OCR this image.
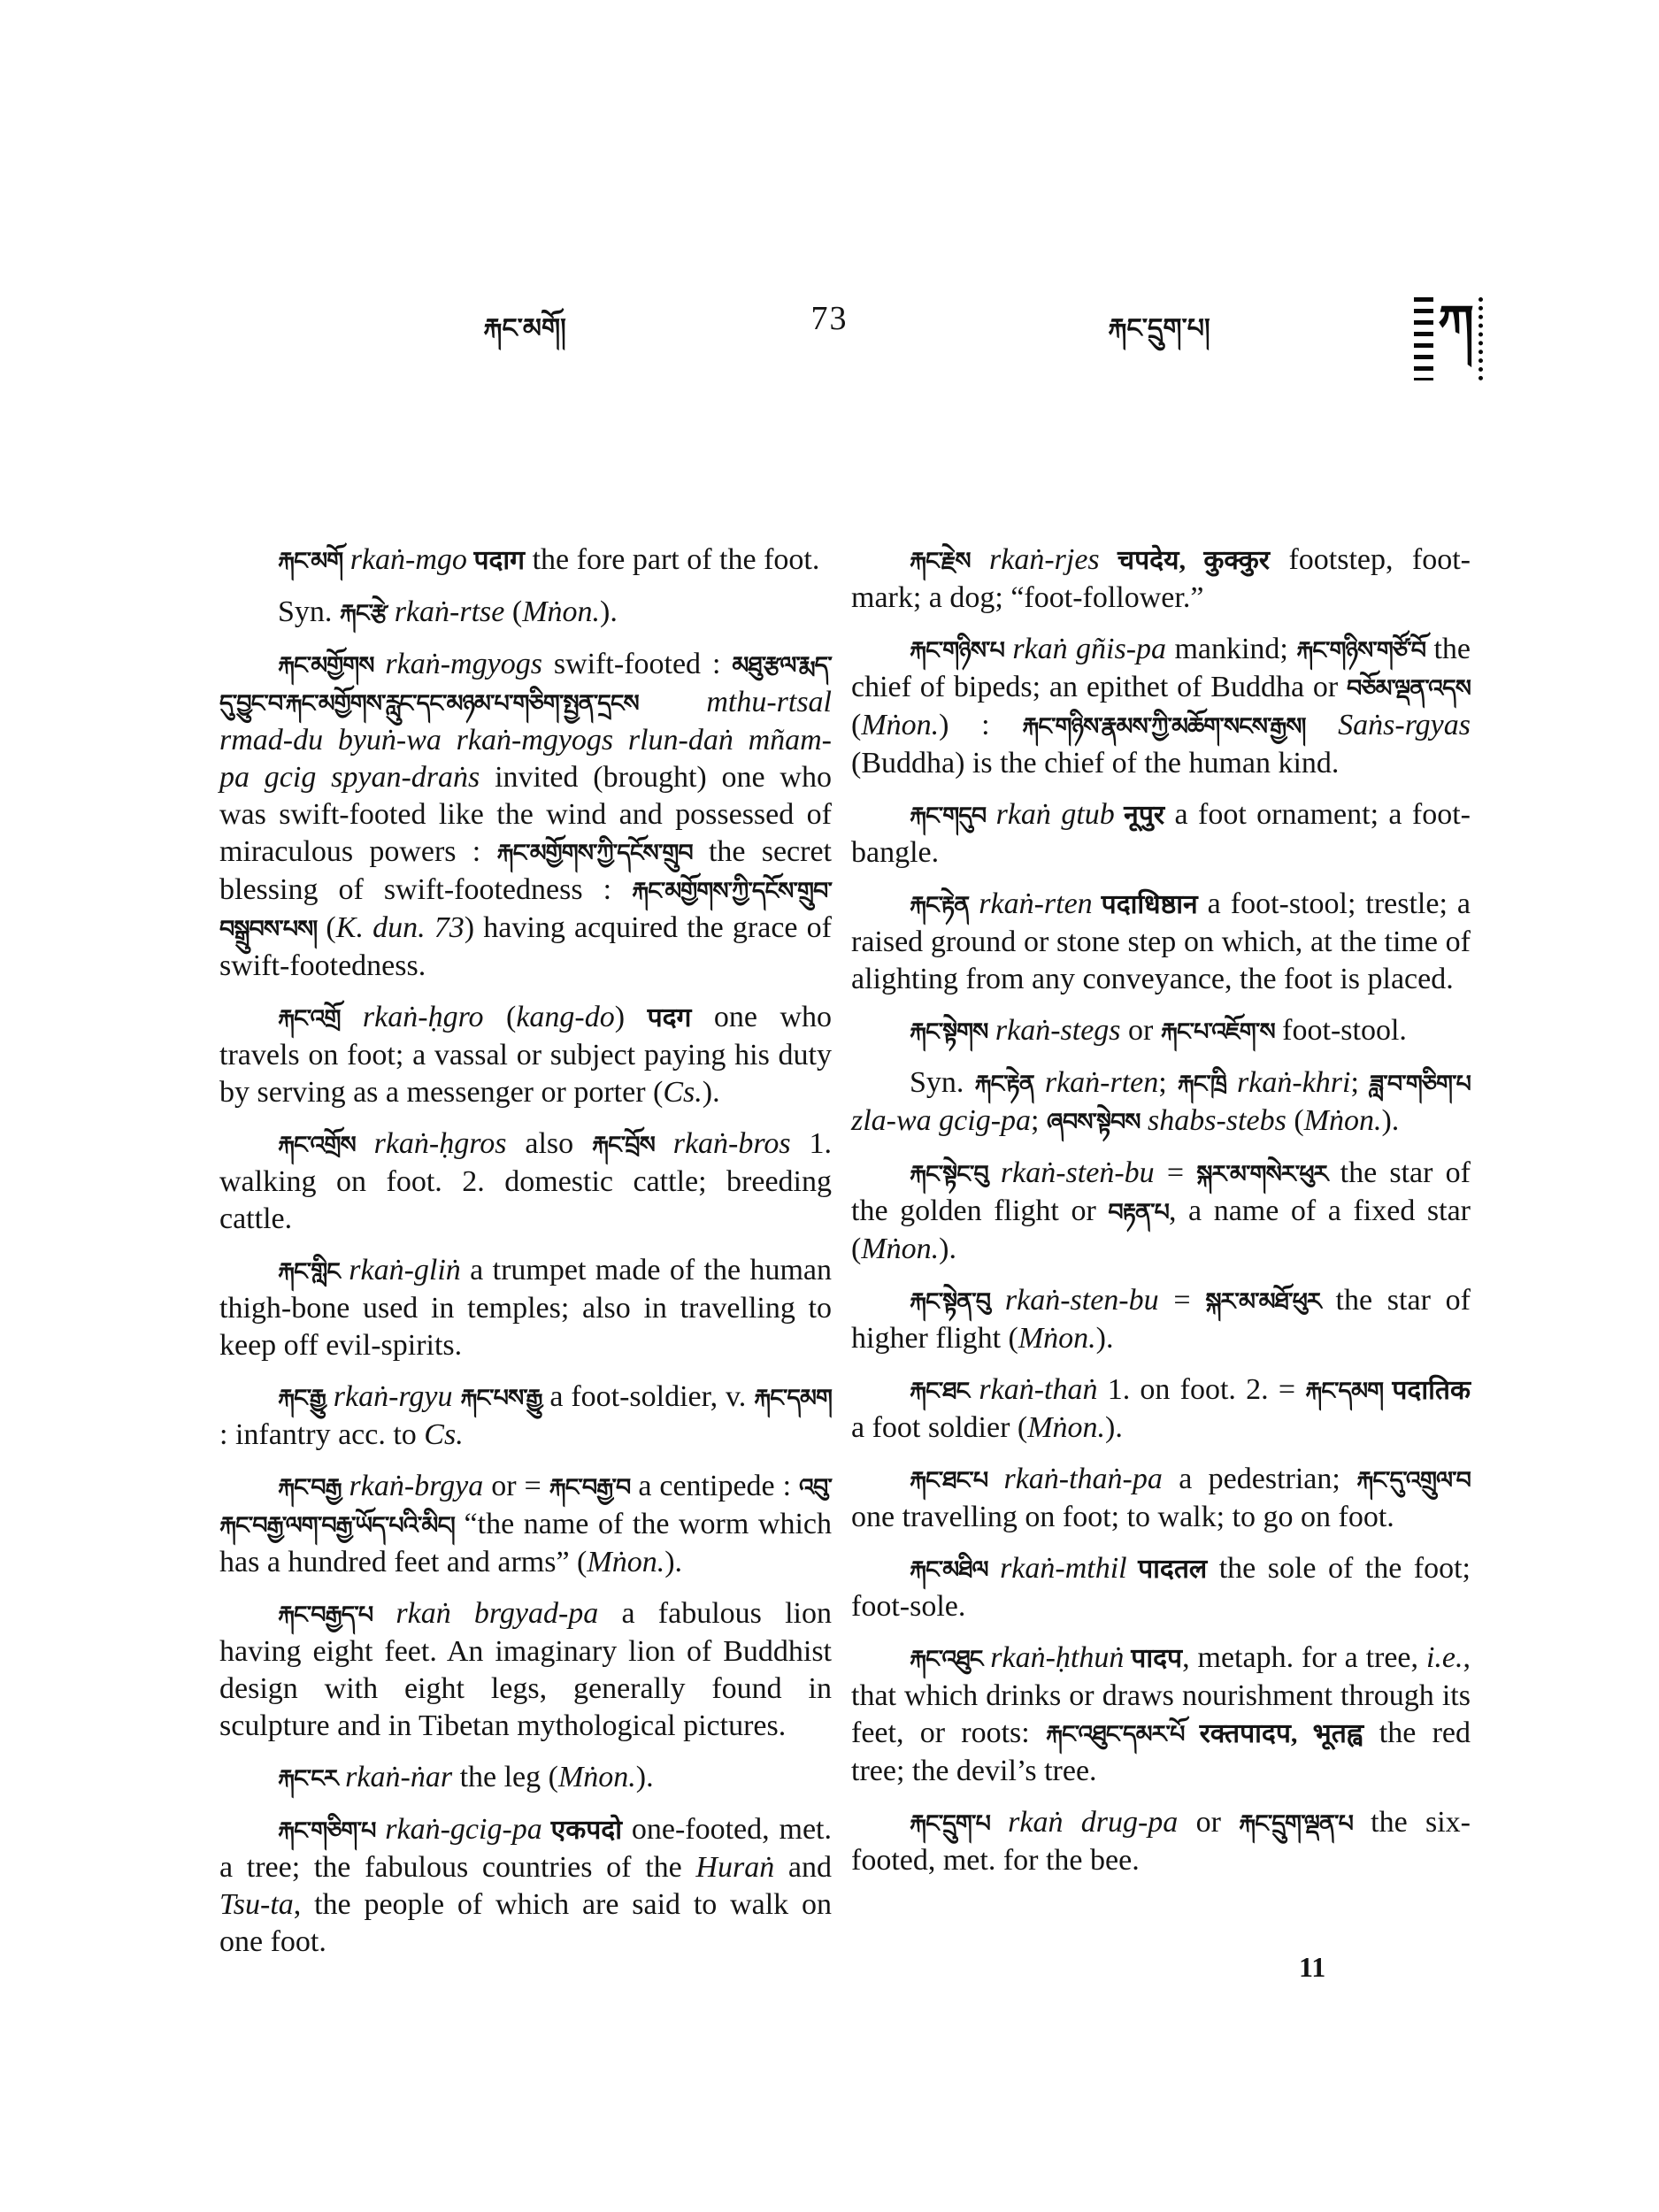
རྐང་མགོ།	73	རྐང་དྲུག་པ།	ཀ

རྐང་མགོ rkaṅ-mgo पदाग the fore part of the foot.

Syn. རྐང་རྩེ rkaṅ-rtse (Mṅon.).

རྐང་མགྱོགས rkaṅ-mgyogs swift-footed : མཐུ་རྩལ་རྨད་དུ་བྱུང་བ་རྐང་མགྱོགས་རླུང་དང་མཉམ་པ་གཅིག་སྤྱན་དྲངས mthu-rtsal rmad-du byuṅ-wa rkaṅ-mgyogs rlun-daṅ mñam-pa gcig spyan-draṅs invited (brought) one who was swift-footed like the wind and possessed of miraculous powers : རྐང་མགྱོགས་ཀྱི་དངོས་གྲུབ the secret blessing of swift-footedness : རྐང་མགྱོགས་ཀྱི་དངོས་གྲུབ་བསྒྲུབས་པས། (K. dun. 73) having acquired the grace of swift-footedness.

རྐང་འགྲོ rkaṅ-ḥgro (kang-do) पदग one who travels on foot; a vassal or subject paying his duty by serving as a messenger or porter (Cs.).

རྐང་འགྲོས rkaṅ-ḥgros also རྐང་བྲོས rkaṅ-bros 1. walking on foot. 2. domestic cattle; breeding cattle.

རྐང་གླིང rkaṅ-gliṅ a trumpet made of the human thigh-bone used in temples; also in travelling to keep off evil-spirits.

རྐང་རྒྱུ rkaṅ-rgyu རྐང་པས་རྒྱུ a foot-soldier, v. རྐང་དམག : infantry acc. to Cs.

རྐང་བརྒྱ rkaṅ-brgya or = རྐང་བརྒྱ་བ a centipede : འབུ་རྐང་བརྒྱ་ལག་བརྒྱ་ཡོད་པའི་མིང། “the name of the worm which has a hundred feet and arms” (Mṅon.).

རྐང་བརྒྱད་པ rkaṅ brgyad-pa a fabulous lion having eight feet. An imaginary lion of Buddhist design with eight legs, generally found in sculpture and in Tibetan mythological pictures.

རྐང་ངར rkaṅ-ṅar the leg (Mṅon.).

རྐང་གཅིག་པ rkaṅ-gcig-pa एकपदो one-footed, met. a tree; the fabulous countries of the Huraṅ and Tsu-ta, the people of which are said to walk on one foot.

རྐང་རྗེས rkaṅ-rjes चपदेय, कुक्कुर footstep, foot-mark; a dog; “foot-follower.”

རྐང་གཉིས་པ rkaṅ gñis-pa mankind; རྐང་གཉིས་གཙོ་བོ the chief of bipeds; an epithet of Buddha or བཅོམ་ལྡན་འདས (Mṅon.) : རྐང་གཉིས་རྣམས་ཀྱི་མཆོག་སངས་རྒྱས། Saṅs-rgyas (Buddha) is the chief of the human kind.

རྐང་གདུབ rkaṅ gtub नूपुर a foot ornament; a foot-bangle.

རྐང་རྟེན rkaṅ-rten पदाधिष्ठान a foot-stool; trestle; a raised ground or stone step on which, at the time of alighting from any conveyance, the foot is placed.

རྐང་སྟེགས rkaṅ-stegs or རྐང་པ་འཇོག་ས foot-stool.

Syn. རྐང་རྟེན rkaṅ-rten; རྐང་ཁྲི rkaṅ-khri; ཟླ་བ་གཅིག་པ zla-wa gcig-pa; ཞབས་སྟེབས shabs-stebs (Mṅon.).

རྐང་སྟེང་བུ rkaṅ-steṅ-bu = སྐར་མ་གསེར་ཕུར the star of the golden flight or བརྟན་པ, a name of a fixed star (Mṅon.).

རྐང་སྟེན་བུ rkaṅ-sten-bu = སྐར་མ་མཐོ་ཕུར the star of higher flight (Mṅon.).

རྐང་ཐང rkaṅ-thaṅ 1. on foot. 2. = རྐང་དམག पदातिक a foot soldier (Mṅon.).

རྐང་ཐང་པ rkaṅ-thaṅ-pa a pedestrian; རྐང་དུ་འགྲུལ་བ one travelling on foot; to walk; to go on foot.

རྐང་མཐིལ rkaṅ-mthil पादतल the sole of the foot; foot-sole.

རྐང་འཐུང rkaṅ-ḥthuṅ पादप, metaph. for a tree, i.e., that which drinks or draws nourishment through its feet, or roots: རྐང་འཐུང་དམར་པོ रक्तपादप, भूतह्व the red tree; the devil’s tree.

རྐང་དྲུག་པ rkaṅ drug-pa or རྐང་དྲུག་ལྡན་པ the six-footed, met. for the bee.

11
